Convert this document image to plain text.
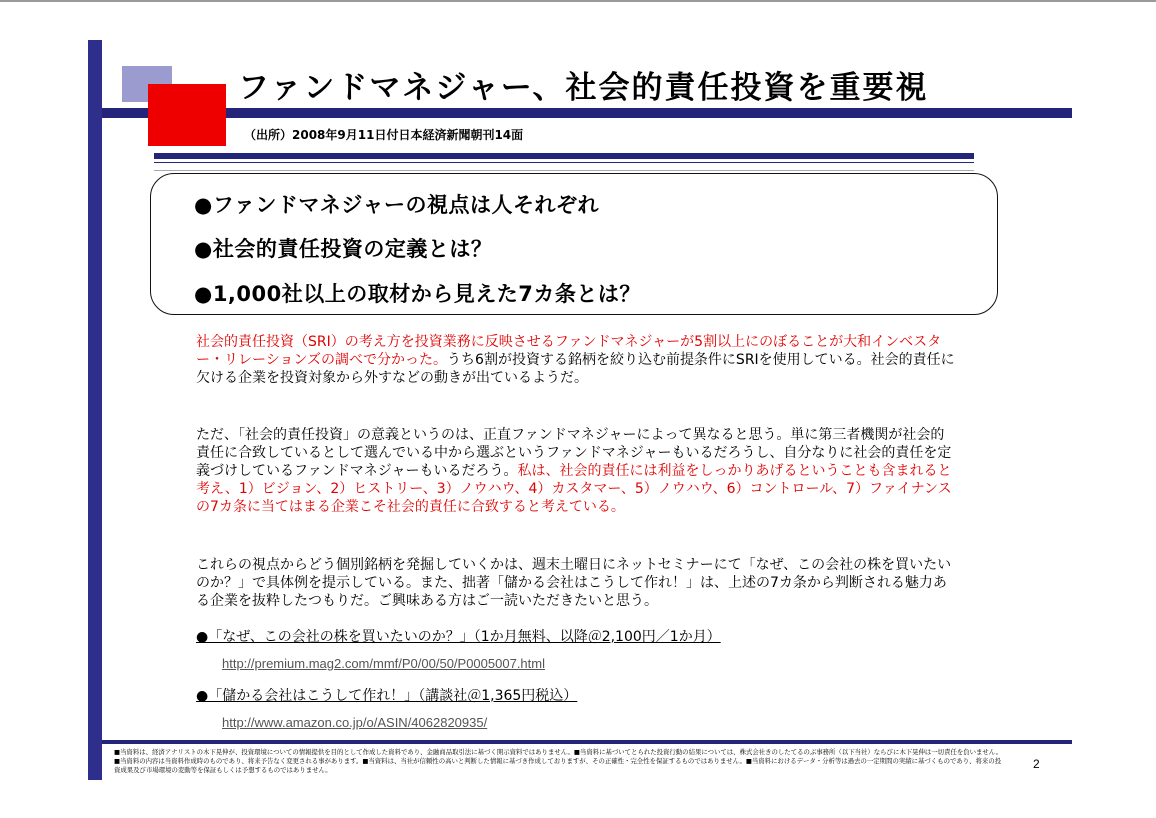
ファンドマネジャー、社会的責任投資を重要視
（出所）2008年9月11日付日本経済新聞朝刊14面
●ファンドマネジャーの視点は人それぞれ
●社会的責任投資の定義とは？
●1,000社以上の取材から見えた7カ条とは？
社会的責任投資（SRI）の考え方を投資業務に反映させるファンドマネジャーが5割以上にのぼることが大和インベスター・リレーションズの調べで分かった。うち6割が投資する銘柄を絞り込む前提条件にSRIを使用している。社会的責任に欠ける企業を投資対象から外すなどの動きが出ているようだ。
ただ、「社会的責任投資」の意義というのは、正直ファンドマネジャーによって異なると思う。単に第三者機関が社会的責任に合致しているとして選んでいる中から選ぶというファンドマネジャーもいるだろうし、自分なりに社会的責任を定義づけしているファンドマネジャーもいるだろう。私は、社会的責任には利益をしっかりあげるということも含まれると考え、1）ビジョン、2）ヒストリー、3）ノウハウ、4）カスタマー、5）ノウハウ、6）コントロール、7）ファイナンスの7カ条に当てはまる企業こそ社会的責任に合致すると考えている。
これらの視点からどう個別銘柄を発掘していくかは、週末土曜日にネットセミナーにて「なぜ、この会社の株を買いたいのか？」で具体例を提示している。また、拙著「儲かる会社はこうして作れ！」は、上述の7カ条から判断される魅力ある企業を抜粋したつもりだ。ご興味ある方はご一読いただきたいと思う。
●「なぜ、この会社の株を買いたいのか？」（1か月無料、以降＠2,100円／1か月）
http://premium.mag2.com/mmf/P0/00/50/P0005007.html
●「儲かる会社はこうして作れ！」（講談社＠1,365円税込）
http://www.amazon.co.jp/o/ASIN/4062820935/
■当資料は、経済アナリストの木下晃伸が、投資環境についての情報提供を目的として作成した資料であり、金融商品取引法に基づく開示資料ではありません。■当資料に基づいてとられた投資行動の結果については、株式会社きのしたてるのぶ事務所（以下当社）ならびに木下晃伸は一切責任を負いません。■当資料の内容は当資料作成時のものであり、将来予告なく変更される事があります。■当資料は、当社が信頼性の高いと判断した情報に基づき作成しておりますが、その正確性・完全性を保証するものではありません。■当資料におけるデータ・分析等は過去の一定期間の実績に基づくものであり、将来の投資成果及び市場環境の変動等を保証もしくは予想するものではありません。	2
